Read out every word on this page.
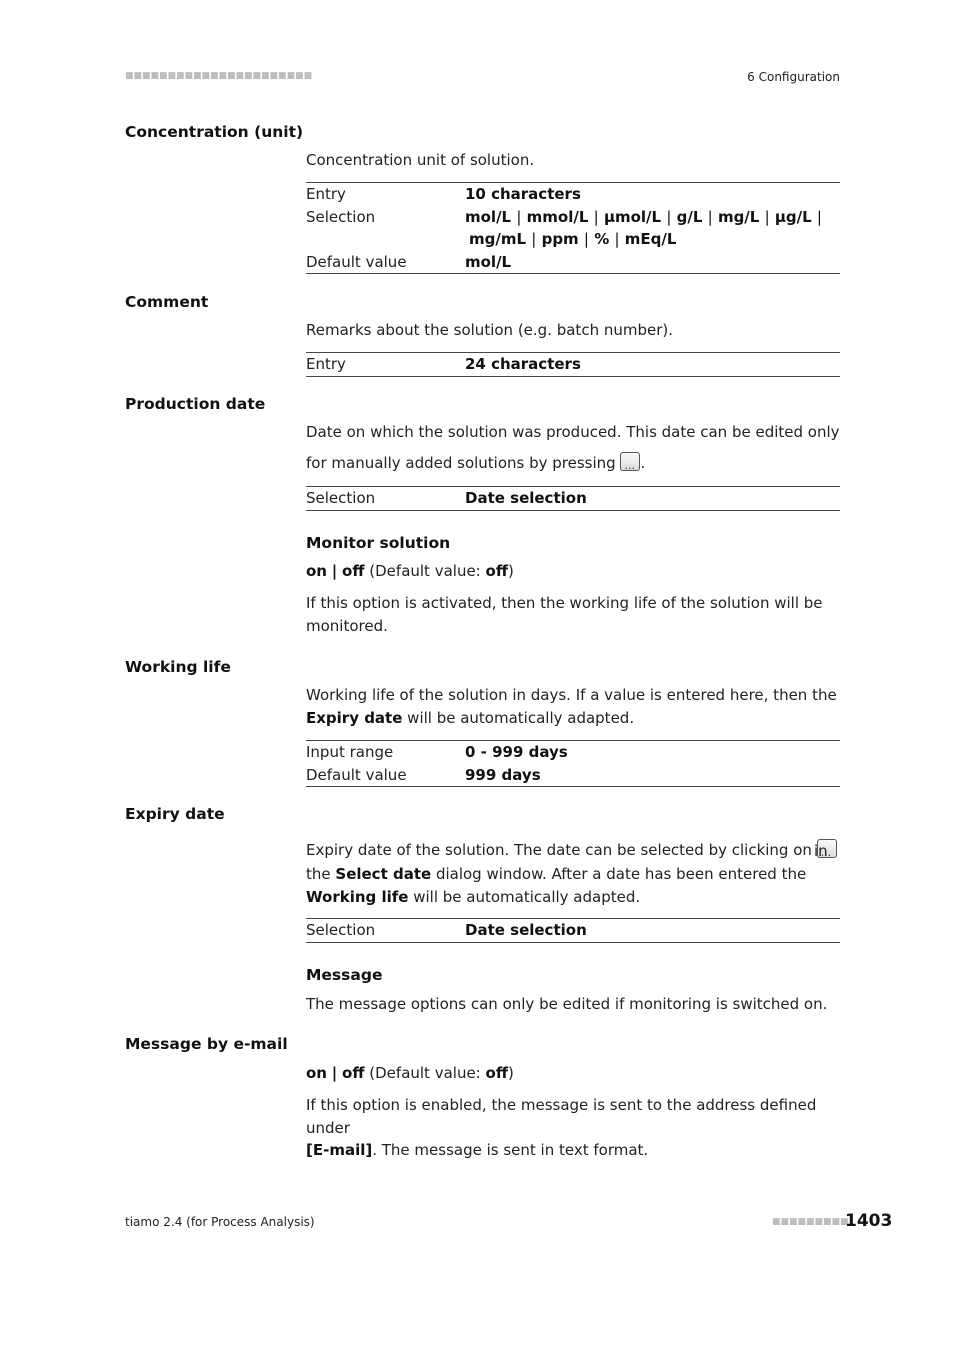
■■■■■■■■■■■■■■■■■■■■■■	6 Configuration
Concentration (unit)
Concentration unit of solution.
Entry	10 characters
Selection	mol/L | mmol/L | µmol/L | g/L | mg/L | µg/L |
mg/mL | ppm | % | mEq/L
Default value	mol/L
Comment
Remarks about the solution (e.g. batch number).
Entry	24 characters
Production date
Date on which the solution was produced. This date can be edited only
for manually added solutions by pressing ... .
Selection	Date selection
Monitor solution
on | off (Default value: off)
If this option is activated, then the working life of the solution will be monitored.
Working life
Working life of the solution in days. If a value is entered here, then the
Expiry date will be automatically adapted.
Input range	0 - 999 days
Default value	999 days
Expiry date
Expiry date of the solution. The date can be selected by clicking on ... in
the Select date dialog window. After a date has been entered the
Working life will be automatically adapted.
Selection	Date selection
Message
The message options can only be edited if monitoring is switched on.
Message by e-mail
on | off (Default value: off)
If this option is enabled, the message is sent to the address defined under
[E-mail]. The message is sent in text format.
tiamo 2.4 (for Process Analysis)	■■■■■■■■■
1403
